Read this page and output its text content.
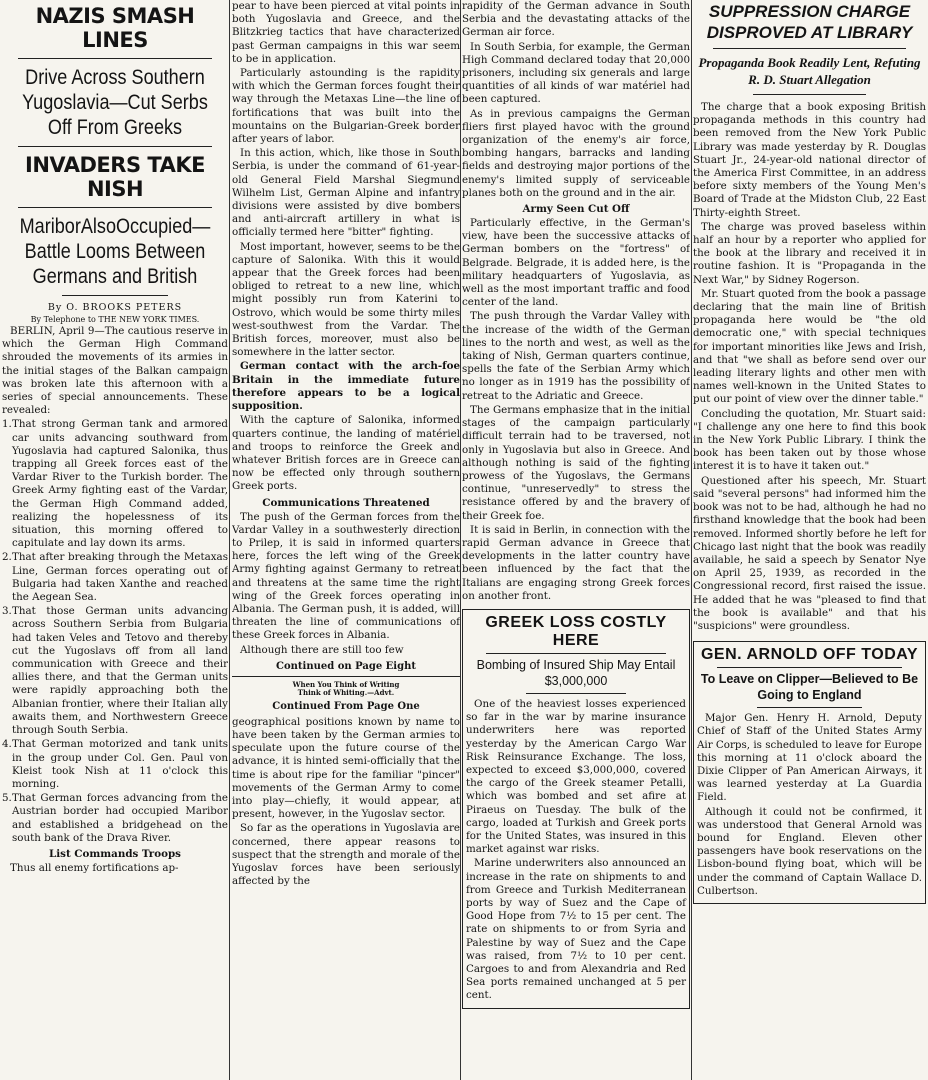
NAZIS SMASH LINES
Drive Across Southern Yugoslavia—Cut Serbs Off From Greeks
INVADERS TAKE NISH
MariborAlsoOccupied— Battle Looms Between Germans and British
By O. BROOKS PETERS
By Telephone to THE NEW YORK TIMES.

BERLIN, April 9—The cautious reserve in which the German High Command shrouded the movements of its armies in the initial stages of the Balkan campaign was broken late this afternoon with a series of special announcements. These revealed:

1. That strong German tank and armored car units advancing southward from Yugoslavia had captured Salonika, thus trapping all Greek forces east of the Vardar River to the Turkish border. The Greek Army fighting east of the Vardar, the German High Command added, realizing the hopelessness of its situation, this morning offered to capitulate and lay down its arms.

2. That after breaking through the Metaxas Line, German forces operating out of Bulgaria had taken Xanthe and reached the Aegean Sea.

3. That those German units advancing across Southern Serbia from Bulgaria had taken Veles and Tetovo and thereby cut the Yugoslavs off from all land communication with Greece and their allies there, and that the German units were rapidly approaching both the Albanian frontier, where their Italian ally awaits them, and Northwestern Greece through South Serbia.

4. That German motorized and tank units in the group under Col. Gen. Paul von Kleist took Nish at 11 o'clock this morning.

5. That German forces advancing from the Austrian border had occupied Maribor and established a bridgehead on the south bank of the Drava River.

List Commands Troops

Thus all enemy fortifications ap-

pear to have been pierced at vital points in both Yugoslavia and Greece, and the Blitzkrieg tactics that have characterized past German campaigns in this war seem to be in application.

Particularly astounding is the rapidity with which the German forces fought their way through the Metaxas Line—the line of fortifications that was built into the mountains on the Bulgarian-Greek border after years of labor.

In this action, which, like those in South Serbia, is under the command of 61-year-old General Field Marshal Siegmund Wilhelm List, German Alpine and infantry divisions were assisted by dive bombers and anti-aircraft artillery in what is officially termed here "bitter" fighting.

Most important, however, seems to be the capture of Salonika. With this it would appear that the Greek forces had been obliged to retreat to a new line, which might possibly run from Katerini to Ostrovo, which would be some thirty miles west-southwest from the Vardar. The British forces, moreover, must also be somewhere in the latter sector.

German contact with the arch-foe Britain in the immediate future therefore appears to be a logical supposition.

With the capture of Salonika, informed quarters continue, the landing of matériel and troops to reinforce the Greek and whatever British forces are in Greece can now be effected only through southern Greek ports.

Communications Threatened

The push of the German forces from the Vardar Valley in a southwesterly direction to Prilep, it is said in informed quarters here, forces the left wing of the Greek Army fighting against Germany to retreat and threatens at the same time the right wing of the Greek forces operating in Albania. The German push, it is added, will threaten the line of communications of these Greek forces in Albania.

Although there are still too few

Continued on Page Eight
When You Think of Writing
Think of Whiting.—Advt.
Continued From Page One

geographical positions known by name to have been taken by the German armies to speculate upon the future course of the advance, it is hinted semi-officially that the time is about ripe for the familiar "pincer" movements of the German Army to come into play—chiefly, it would appear, at present, however, in the Yugoslav sector.

So far as the operations in Yugoslavia are concerned, there appear reasons to suspect that the strength and morale of the Yugoslav forces have been seriously affected by the

rapidity of the German advance in South Serbia and the devastating attacks of the German air force.

In South Serbia, for example, the German High Command declared today that 20,000 prisoners, including six generals and large quantities of all kinds of war matériel had been captured.

As in previous campaigns the German fliers first played havoc with the ground organization of the enemy's air force, bombing hangars, barracks and landing fields and destroying major portions of the enemy's limited supply of serviceable planes both on the ground and in the air.

Army Seen Cut Off

Particularly effective, in the German's view, have been the successive attacks of German bombers on the "fortress" of Belgrade. Belgrade, it is added here, is the military headquarters of Yugoslavia, as well as the most important traffic and food center of the land.

The push through the Vardar Valley with the increase of the width of the German lines to the north and west, as well as the taking of Nish, German quarters continue, spells the fate of the Serbian Army which no longer as in 1919 has the possibility of retreat to the Adriatic and Greece.

The Germans emphasize that in the initial stages of the campaign particularly difficult terrain had to be traversed, not only in Yugoslavia but also in Greece. And although nothing is said of the fighting prowess of the Yugoslavs, the Germans continue, "unreservedly" to stress the resistance offered by and the bravery of their Greek foe.

It is said in Berlin, in connection with the rapid German advance in Greece that developments in the latter country have been influenced by the fact that the Italians are engaging strong Greek forces on another front.

GREEK LOSS COSTLY HERE
Bombing of Insured Ship May Entail $3,000,000

One of the heaviest losses experienced so far in the war by marine insurance underwriters here was reported yesterday by the American Cargo War Risk Reinsurance Exchange. The loss, expected to exceed $3,000,000, covered the cargo of the Greek steamer Petalli, which was bombed and set afire at Piraeus on Tuesday. The bulk of the cargo, loaded at Turkish and Greek ports for the United States, was insured in this market against war risks.

Marine underwriters also announced an increase in the rate on shipments to and from Greece and Turkish Mediterranean ports by way of Suez and the Cape of Good Hope from 7½ to 15 per cent. The rate on shipments to or from Syria and Palestine by way of Suez and the Cape was raised, from 7½ to 10 per cent. Cargoes to and from Alexandria and Red Sea ports remained unchanged at 5 per cent.

SUPPRESSION CHARGE DISPROVED AT LIBRARY
Propaganda Book Readily Lent, Refuting R. D. Stuart Allegation

The charge that a book exposing British propaganda methods in this country had been removed from the New York Public Library was made yesterday by R. Douglas Stuart Jr., 24-year-old national director of the America First Committee, in an address before sixty members of the Young Men's Board of Trade at the Midston Club, 22 East Thirty-eighth Street.

The charge was proved baseless within half an hour by a reporter who applied for the book at the library and received it in routine fashion. It is "Propaganda in the Next War," by Sidney Rogerson.

Mr. Stuart quoted from the book a passage declaring that the main line of British propaganda here would be "the old democratic one," with special techniques for important minorities like Jews and Irish, and that "we shall as before send over our leading literary lights and other men with names well-known in the United States to put our point of view over the dinner table."

Concluding the quotation, Mr. Stuart said: "I challenge any one here to find this book in the New York Public Library. I think the book has been taken out by those whose interest it is to have it taken out."

Questioned after his speech, Mr. Stuart said "several persons" had informed him the book was not to be had, although he had no firsthand knowledge that the book had been removed. Informed shortly before he left for Chicago last night that the book was readily available, he said a speech by Senator Nye on April 25, 1939, as recorded in the Congressional record, first raised the issue. He added that he was "pleased to find that the book is available" and that his "suspicions" were groundless.

GEN. ARNOLD OFF TODAY
To Leave on Clipper—Believed to Be Going to England

Major Gen. Henry H. Arnold, Deputy Chief of Staff of the United States Army Air Corps, is scheduled to leave for Europe this morning at 11 o'clock aboard the Dixie Clipper of Pan American Airways, it was learned yesterday at La Guardia Field.

Although it could not be confirmed, it was understood that General Arnold was bound for England. Eleven other passengers have book reservations on the Lisbon-bound flying boat, which will be under the command of Captain Wallace D. Culbertson.
